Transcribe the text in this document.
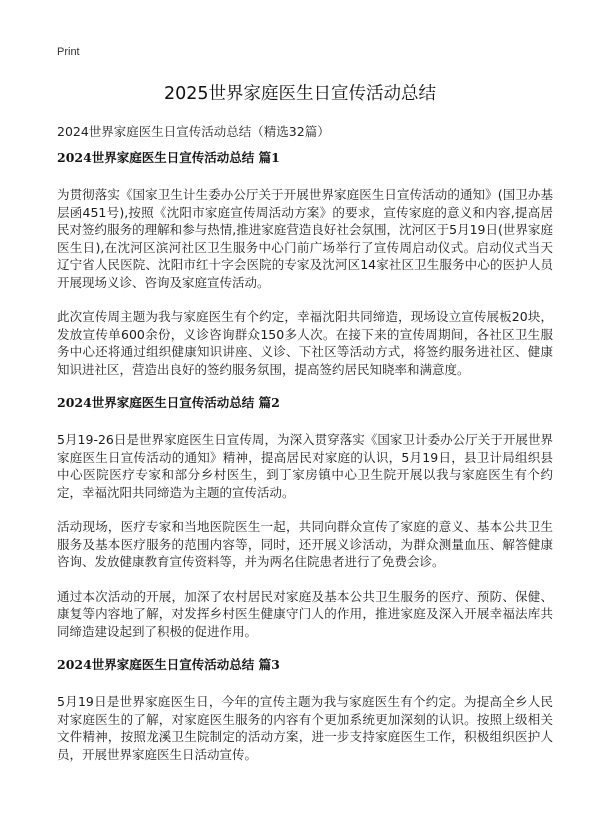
Print
2025世界家庭医生日宣传活动总结
2024世界家庭医生日宣传活动总结（精选32篇）
2024世界家庭医生日宣传活动总结 篇1

为贯彻落实《国家卫生计生委办公厅关于开展世界家庭医生日宣传活动的通知》(国卫办基层函451号),按照《沈阳市家庭宣传周活动方案》的要求，宣传家庭的意义和内容,提高居民对签约服务的理解和参与热情,推进家庭营造良好社会氛围，沈河区于5月19日(世界家庭医生日),在沈河区滨河社区卫生服务中心门前广场举行了宣传周启动仪式。启动仪式当天辽宁省人民医院、沈阳市红十字会医院的专家及沈河区14家社区卫生服务中心的医护人员开展现场义诊、咨询及家庭宣传活动。

此次宣传周主题为我与家庭医生有个约定，幸福沈阳共同缔造，现场设立宣传展板20块，发放宣传单600余份，义诊咨询群众150多人次。在接下来的宣传周期间，各社区卫生服务中心还将通过组织健康知识讲座、义诊、下社区等活动方式，将签约服务进社区、健康知识进社区，营造出良好的签约服务氛围，提高签约居民知晓率和满意度。

2024世界家庭医生日宣传活动总结 篇2

5月19-26日是世界家庭医生日宣传周，为深入贯穿落实《国家卫计委办公厅关于开展世界家庭医生日宣传活动的通知》精神，提高居民对家庭的认识，5月19日，县卫计局组织县中心医院医疗专家和部分乡村医生，到丁家房镇中心卫生院开展以我与家庭医生有个约定，幸福沈阳共同缔造为主题的宣传活动。

活动现场，医疗专家和当地医院医生一起，共同向群众宣传了家庭的意义、基本公共卫生服务及基本医疗服务的范围内容等，同时，还开展义诊活动，为群众测量血压、解答健康咨询、发放健康教育宣传资料等，并为两名住院患者进行了免费会诊。

通过本次活动的开展，加深了农村居民对家庭及基本公共卫生服务的医疗、预防、保健、康复等内容地了解，对发挥乡村医生健康守门人的作用，推进家庭及深入开展幸福法库共同缔造建设起到了积极的促进作用。

2024世界家庭医生日宣传活动总结 篇3

5月19日是世界家庭医生日，今年的宣传主题为我与家庭医生有个约定。为提高全乡人民对家庭医生的了解，对家庭医生服务的内容有个更加系统更加深刻的认识。按照上级相关文件精神，按照龙溪卫生院制定的活动方案，进一步支持家庭医生工作，积极组织医护人员，开展世界家庭医生日活动宣传。
